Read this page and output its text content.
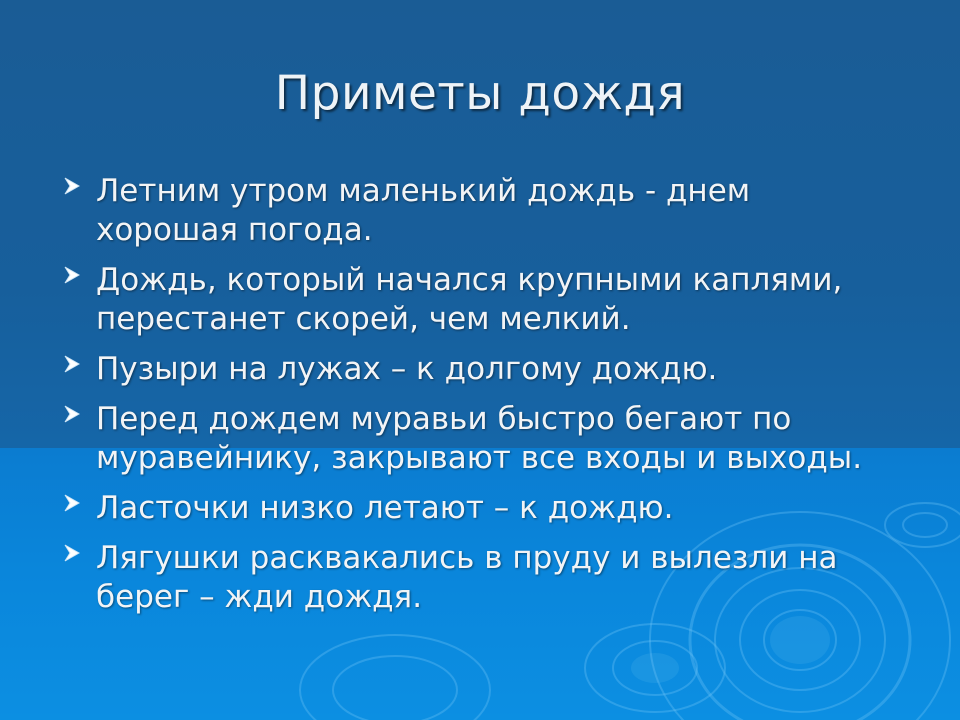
Приметы дождя
Летним утром маленький дождь - днем
хорошая погода.
Дождь, который начался крупными каплями,
перестанет скорей, чем мелкий.
Пузыри на лужах – к долгому дождю.
Перед дождем муравьи быстро бегают по
муравейнику, закрывают все входы и выходы.
Ласточки низко летают – к дождю.
Лягушки расквакались в пруду и вылезли на
берег – жди дождя.
